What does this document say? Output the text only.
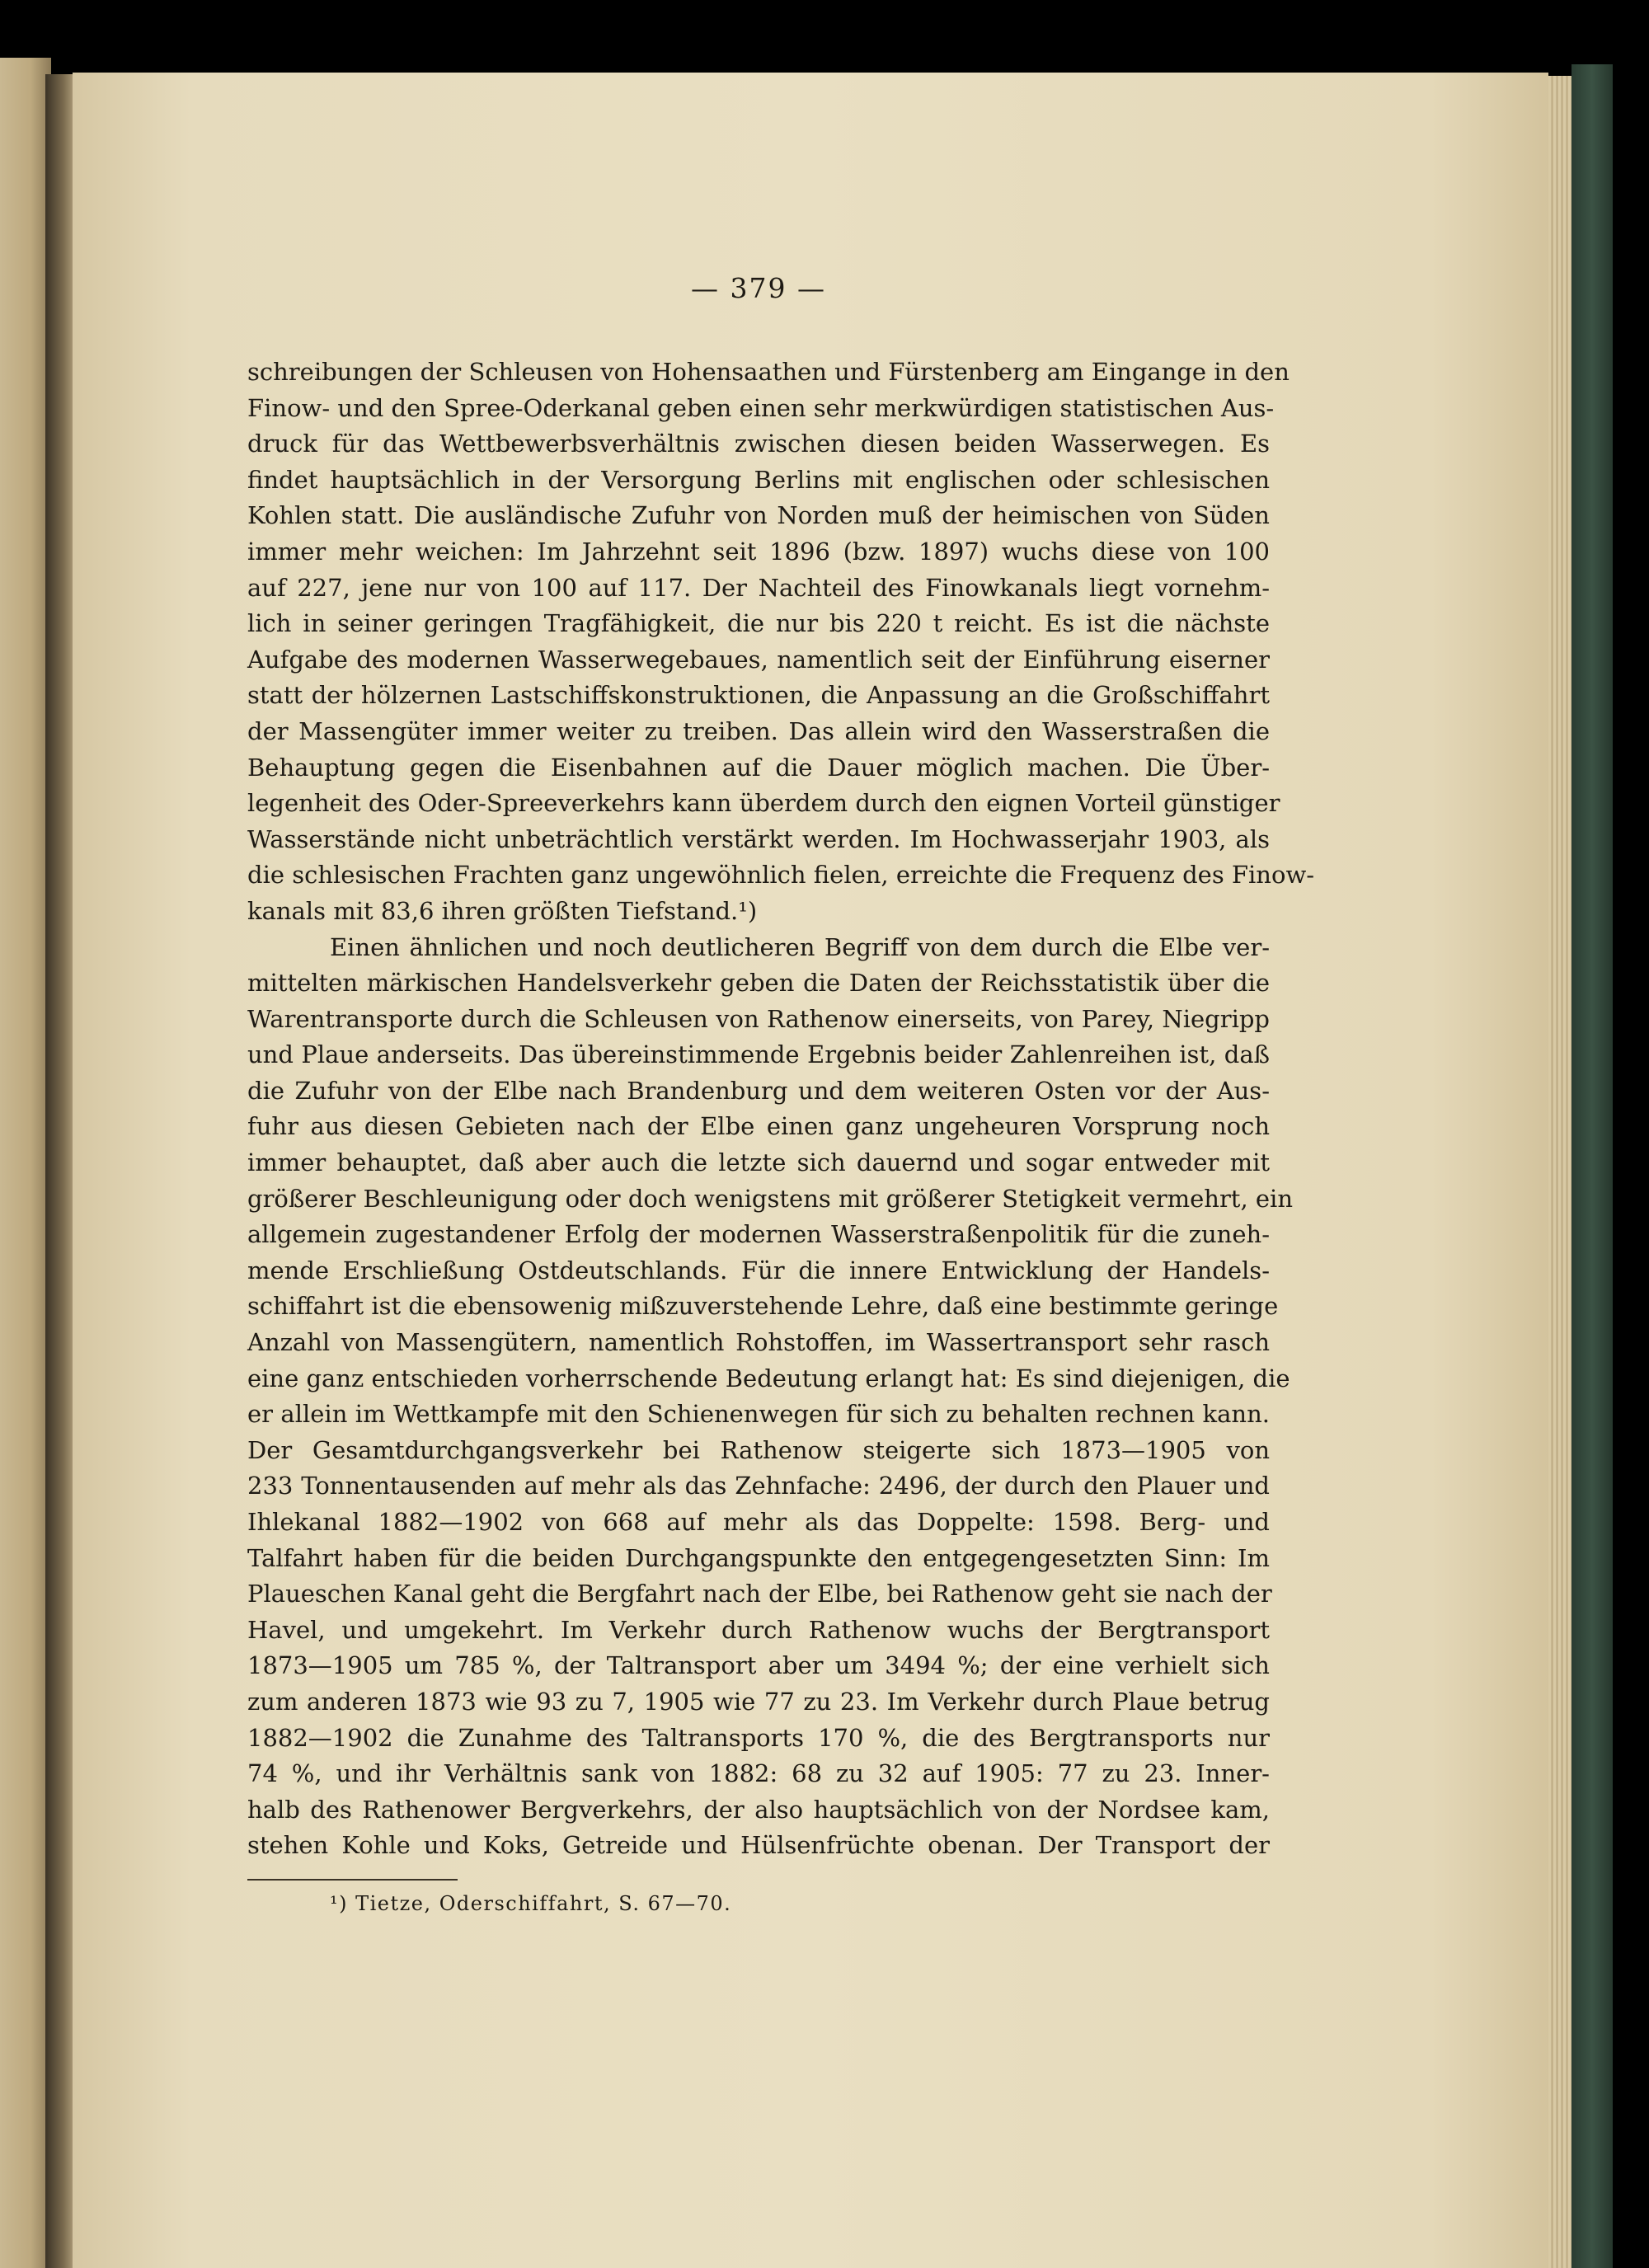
— 379 —
schreibungen der Schleusen von Hohensaathen und Fürstenberg am Eingange in den
Finow- und den Spree-Oderkanal geben einen sehr merkwürdigen statistischen Aus-
druck für das Wettbewerbsverhältnis zwischen diesen beiden Wasserwegen. Es
findet hauptsächlich in der Versorgung Berlins mit englischen oder schlesischen
Kohlen statt. Die ausländische Zufuhr von Norden muß der heimischen von Süden
immer mehr weichen: Im Jahrzehnt seit 1896 (bzw. 1897) wuchs diese von 100
auf 227, jene nur von 100 auf 117. Der Nachteil des Finowkanals liegt vornehm-
lich in seiner geringen Tragfähigkeit, die nur bis 220 t reicht. Es ist die nächste
Aufgabe des modernen Wasserwegebaues, namentlich seit der Einführung eiserner
statt der hölzernen Lastschiffskonstruktionen, die Anpassung an die Großschiffahrt
der Massengüter immer weiter zu treiben. Das allein wird den Wasserstraßen die
Behauptung gegen die Eisenbahnen auf die Dauer möglich machen. Die Über-
legenheit des Oder-Spreeverkehrs kann überdem durch den eignen Vorteil günstiger
Wasserstände nicht unbeträchtlich verstärkt werden. Im Hochwasserjahr 1903, als
die schlesischen Frachten ganz ungewöhnlich fielen, erreichte die Frequenz des Finow-
kanals mit 83,6 ihren größten Tiefstand.¹)
Einen ähnlichen und noch deutlicheren Begriff von dem durch die Elbe ver-
mittelten märkischen Handelsverkehr geben die Daten der Reichsstatistik über die
Warentransporte durch die Schleusen von Rathenow einerseits, von Parey, Niegripp
und Plaue anderseits. Das übereinstimmende Ergebnis beider Zahlenreihen ist, daß
die Zufuhr von der Elbe nach Brandenburg und dem weiteren Osten vor der Aus-
fuhr aus diesen Gebieten nach der Elbe einen ganz ungeheuren Vorsprung noch
immer behauptet, daß aber auch die letzte sich dauernd und sogar entweder mit
größerer Beschleunigung oder doch wenigstens mit größerer Stetigkeit vermehrt, ein
allgemein zugestandener Erfolg der modernen Wasserstraßenpolitik für die zuneh-
mende Erschließung Ostdeutschlands. Für die innere Entwicklung der Handels-
schiffahrt ist die ebensowenig mißzuverstehende Lehre, daß eine bestimmte geringe
Anzahl von Massengütern, namentlich Rohstoffen, im Wassertransport sehr rasch
eine ganz entschieden vorherrschende Bedeutung erlangt hat: Es sind diejenigen, die
er allein im Wettkampfe mit den Schienenwegen für sich zu behalten rechnen kann.
Der Gesamtdurchgangsverkehr bei Rathenow steigerte sich 1873—1905 von
233 Tonnentausenden auf mehr als das Zehnfache: 2496, der durch den Plauer und
Ihlekanal 1882—1902 von 668 auf mehr als das Doppelte: 1598. Berg- und
Talfahrt haben für die beiden Durchgangspunkte den entgegengesetzten Sinn: Im
Plaueschen Kanal geht die Bergfahrt nach der Elbe, bei Rathenow geht sie nach der
Havel, und umgekehrt. Im Verkehr durch Rathenow wuchs der Bergtransport
1873—1905 um 785 %, der Taltransport aber um 3494 %; der eine verhielt sich
zum anderen 1873 wie 93 zu 7, 1905 wie 77 zu 23. Im Verkehr durch Plaue betrug
1882—1902 die Zunahme des Taltransports 170 %, die des Bergtransports nur
74 %, und ihr Verhältnis sank von 1882: 68 zu 32 auf 1905: 77 zu 23. Inner-
halb des Rathenower Bergverkehrs, der also hauptsächlich von der Nordsee kam,
stehen Kohle und Koks, Getreide und Hülsenfrüchte obenan. Der Transport der
¹) Tietze, Oderschiffahrt, S. 67—70.
